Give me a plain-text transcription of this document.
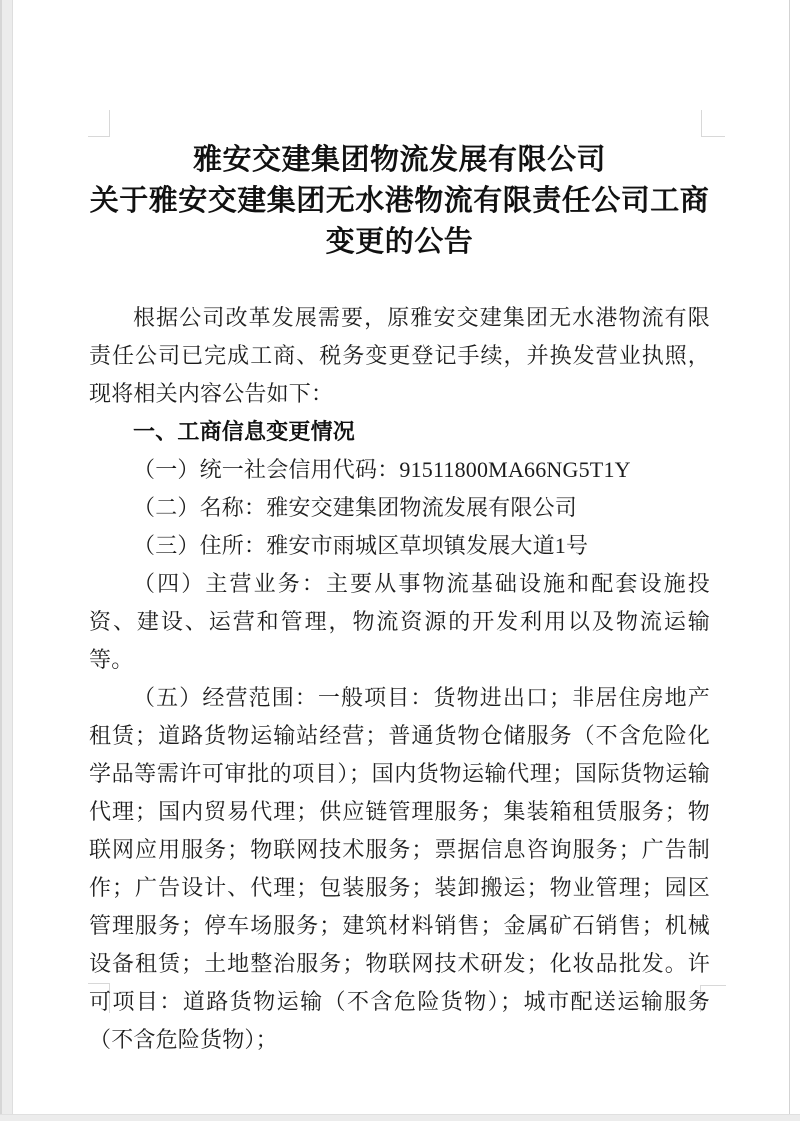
雅安交建集团物流发展有限公司
关于雅安交建集团无水港物流有限责任公司工商变更的公告

根据公司改革发展需要，原雅安交建集团无水港物流有限责任公司已完成工商、税务变更登记手续，并换发营业执照，现将相关内容公告如下：

一、工商信息变更情况

（一）统一社会信用代码：91511800MA66NG5T1Y

（二）名称：雅安交建集团物流发展有限公司

（三）住所：雅安市雨城区草坝镇发展大道1号

（四）主营业务：主要从事物流基础设施和配套设施投资、建设、运营和管理，物流资源的开发利用以及物流运输等。

（五）经营范围：一般项目：货物进出口；非居住房地产租赁；道路货物运输站经营；普通货物仓储服务（不含危险化学品等需许可审批的项目）；国内货物运输代理；国际货物运输代理；国内贸易代理；供应链管理服务；集装箱租赁服务；物联网应用服务；物联网技术服务；票据信息咨询服务；广告制作；广告设计、代理；包装服务；装卸搬运；物业管理；园区管理服务；停车场服务；建筑材料销售；金属矿石销售；机械设备租赁；土地整治服务；物联网技术研发；化妆品批发。许可项目：道路货物运输（不含危险货物）；城市配送运输服务（不含危险货物）；
